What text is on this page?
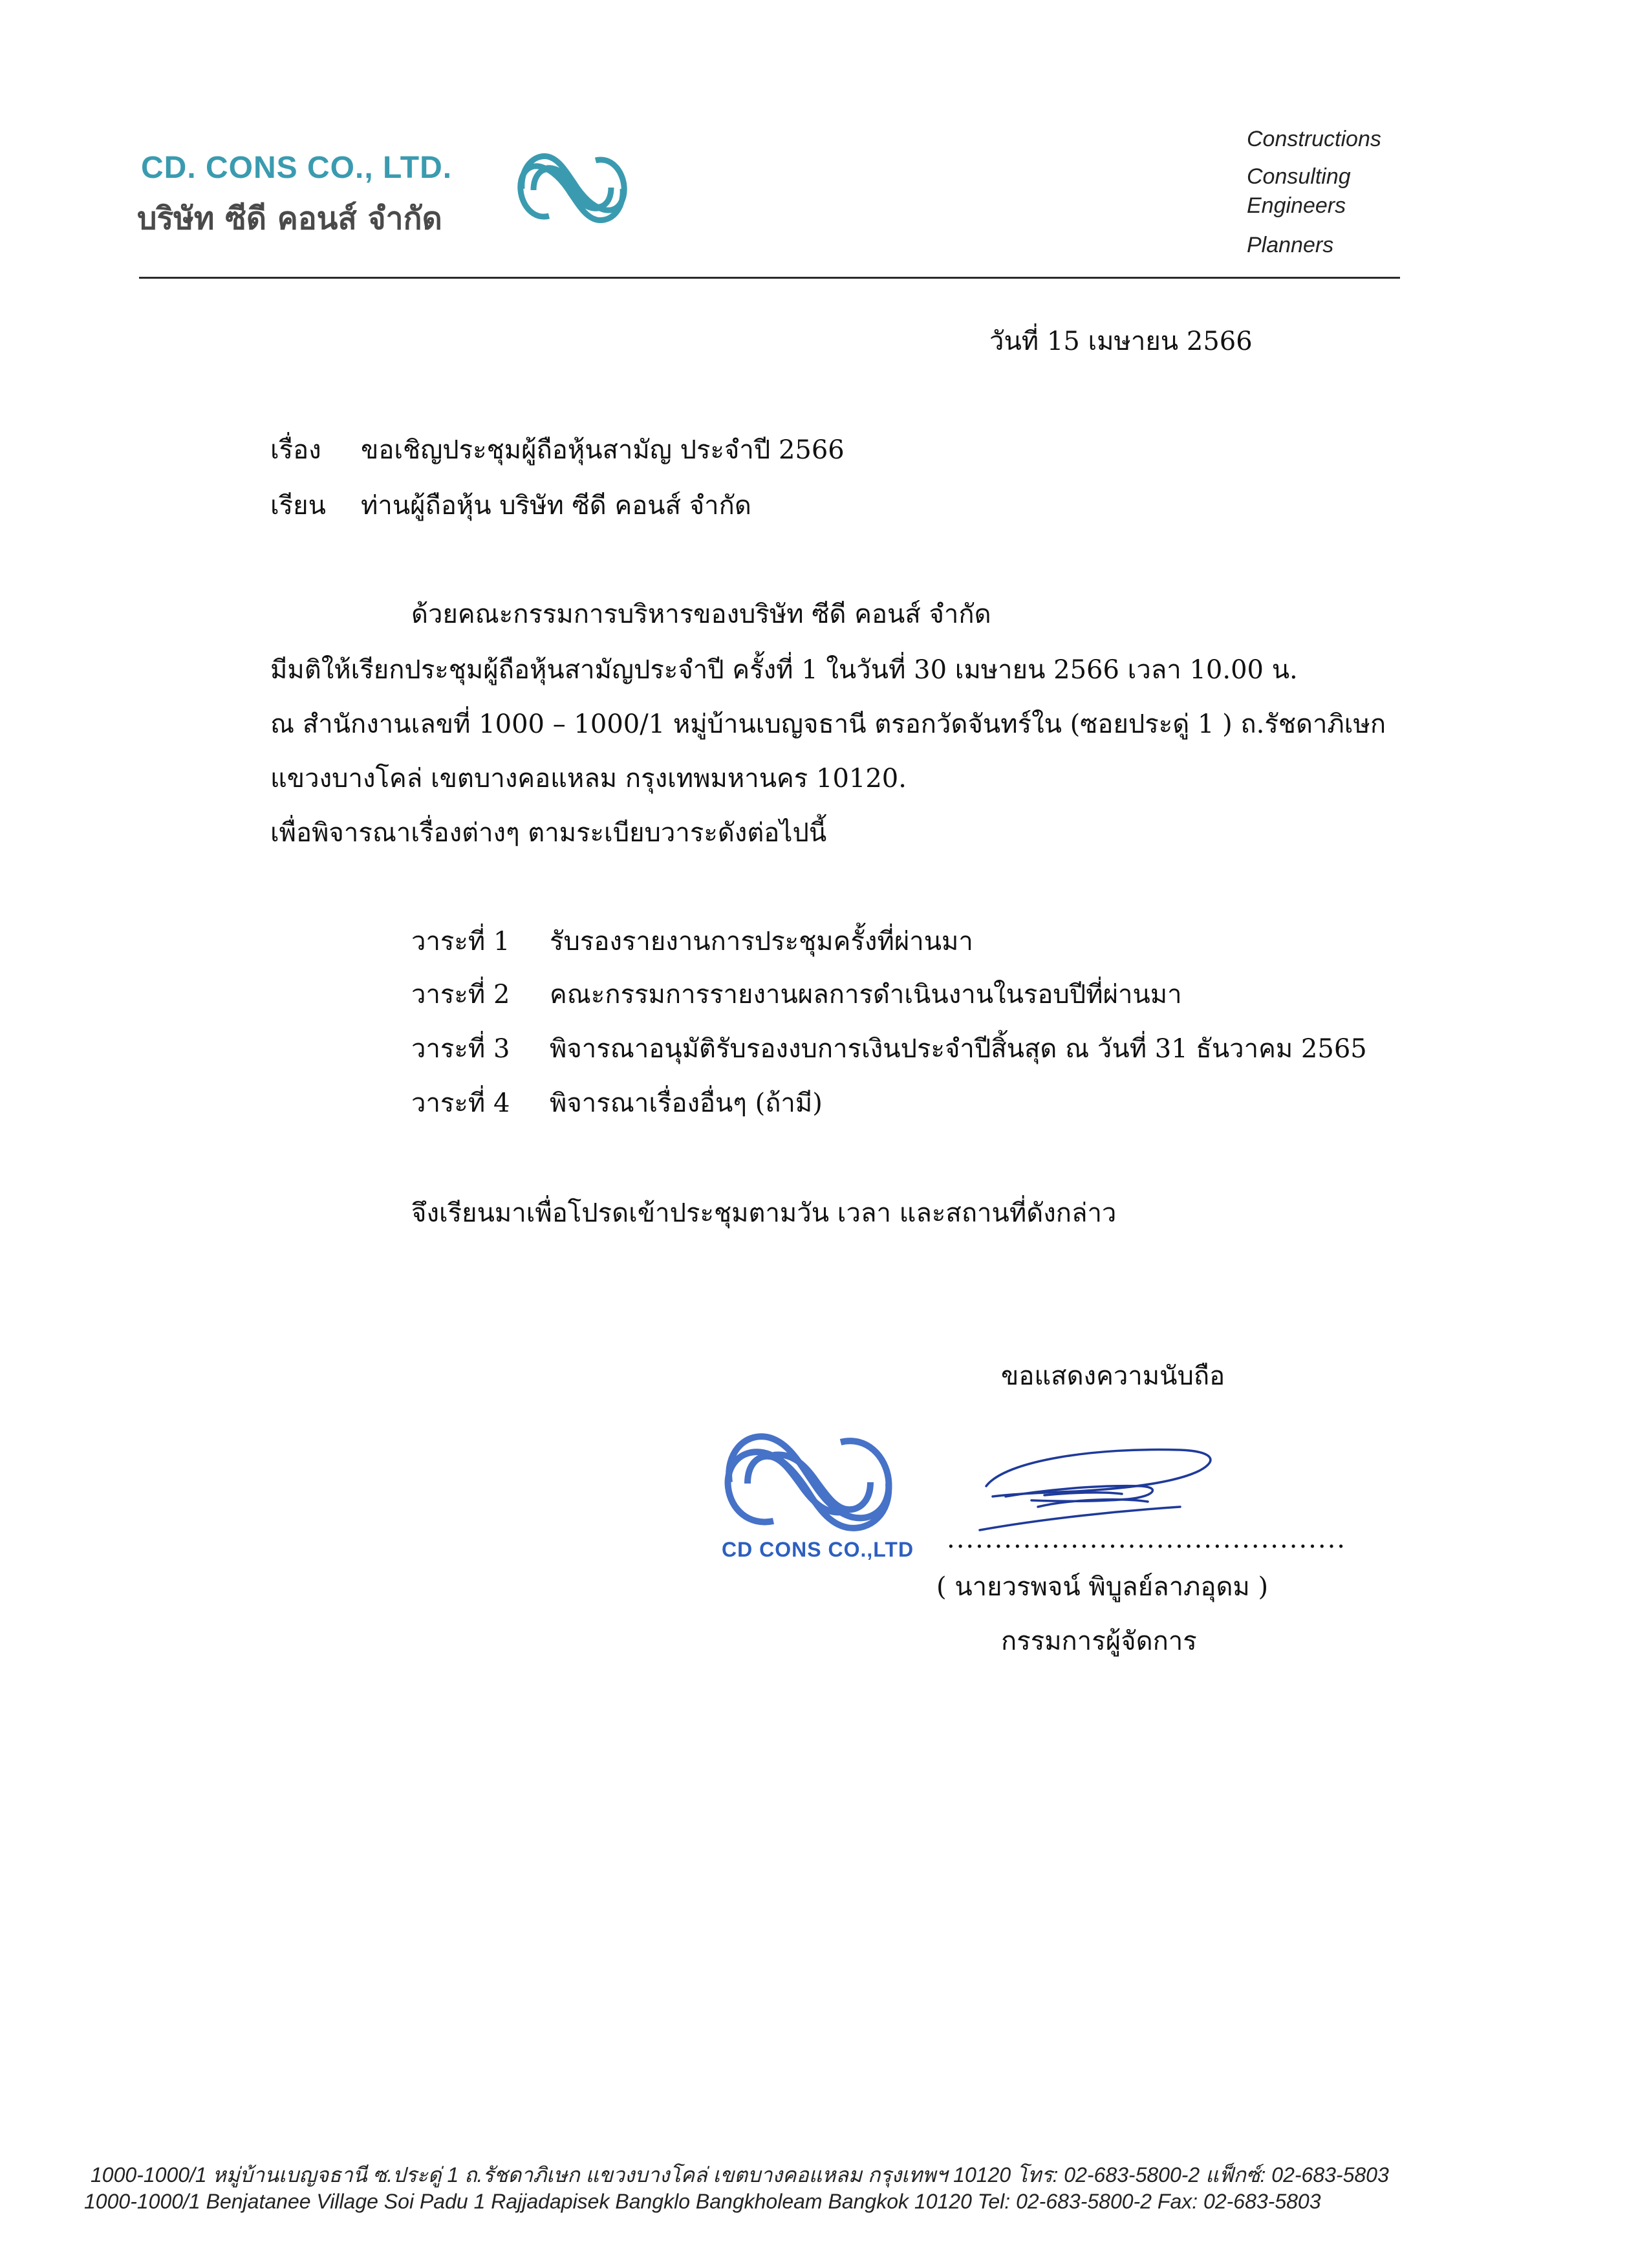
CD. CONS CO., LTD.
บริษัท ซีดี คอนส์ จำกัด
Constructions
Consulting
Engineers
Planners
วันที่ 15 เมษายน 2566
เรื่อง ขอเชิญประชุมผู้ถือหุ้นสามัญ ประจำปี 2566
เรียน ท่านผู้ถือหุ้น บริษัท ซีดี คอนส์ จำกัด
ด้วยคณะกรรมการบริหารของบริษัท ซีดี คอนส์ จำกัด
มีมติให้เรียกประชุมผู้ถือหุ้นสามัญประจำปี ครั้งที่ 1 ในวันที่ 30 เมษายน 2566 เวลา 10.00 น.
ณ สำนักงานเลขที่ 1000 – 1000/1 หมู่บ้านเบญจธานี ตรอกวัดจันทร์ใน (ซอยประดู่ 1 ) ถ.รัชดาภิเษก
แขวงบางโคล่ เขตบางคอแหลม กรุงเทพมหานคร 10120.
เพื่อพิจารณาเรื่องต่างๆ ตามระเบียบวาระดังต่อไปนี้
วาระที่ 1 รับรองรายงานการประชุมครั้งที่ผ่านมา
วาระที่ 2 คณะกรรมการรายงานผลการดำเนินงานในรอบปีที่ผ่านมา
วาระที่ 3 พิจารณาอนุมัติรับรองงบการเงินประจำปีสิ้นสุด ณ วันที่ 31 ธันวาคม 2565
วาระที่ 4 พิจารณาเรื่องอื่นๆ (ถ้ามี)
จึงเรียนมาเพื่อโปรดเข้าประชุมตามวัน เวลา และสถานที่ดังกล่าว
ขอแสดงความนับถือ
CD CONS CO.,LTD ..........................................
( นายวรพจน์ พิบูลย์ลาภอุดม )
กรรมการผู้จัดการ
1000-1000/1 หมู่บ้านเบญจธานี ซ.ประดู่ 1 ถ.รัชดาภิเษก แขวงบางโคล่ เขตบางคอแหลม กรุงเทพฯ 10120 โทร: 02-683-5800-2 แฟ็กซ์: 02-683-5803
1000-1000/1 Benjatanee Village Soi Padu 1 Rajjadapisek Bangklo Bangkholeam Bangkok 10120 Tel: 02-683-5800-2 Fax: 02-683-5803
